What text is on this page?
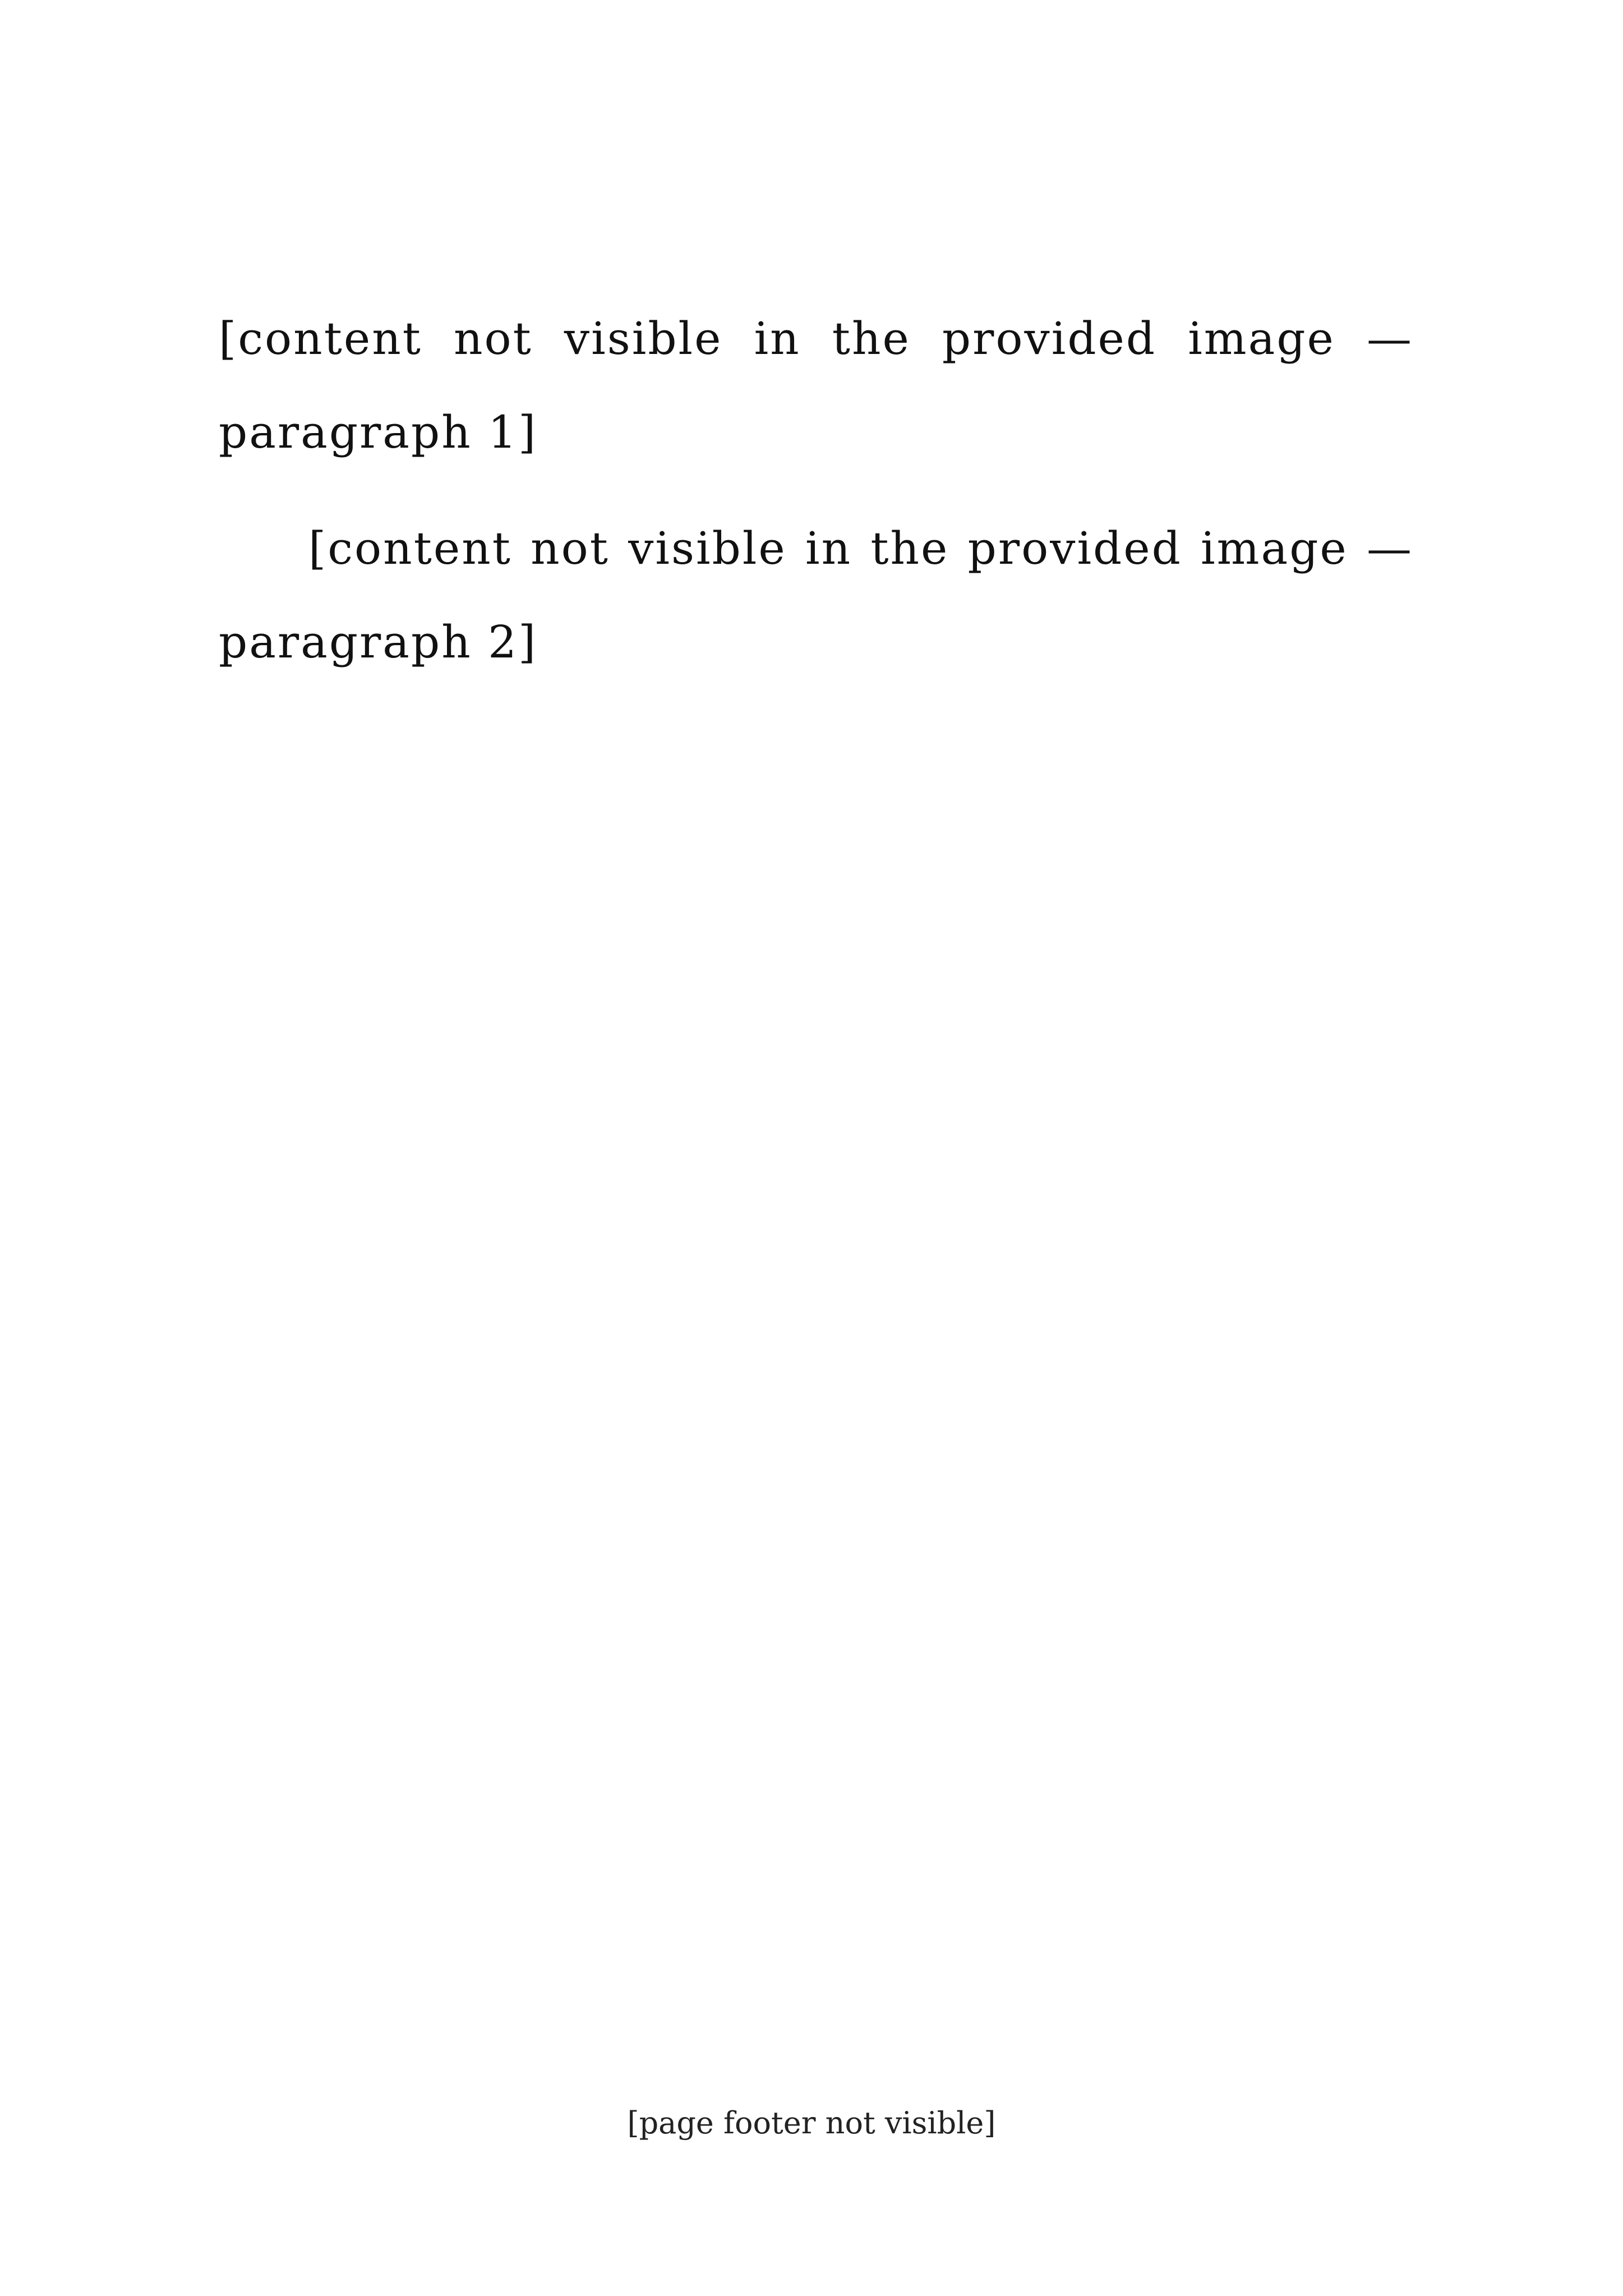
[content not visible in the provided image — paragraph 1]

[content not visible in the provided image — paragraph 2]

[page footer not visible]
